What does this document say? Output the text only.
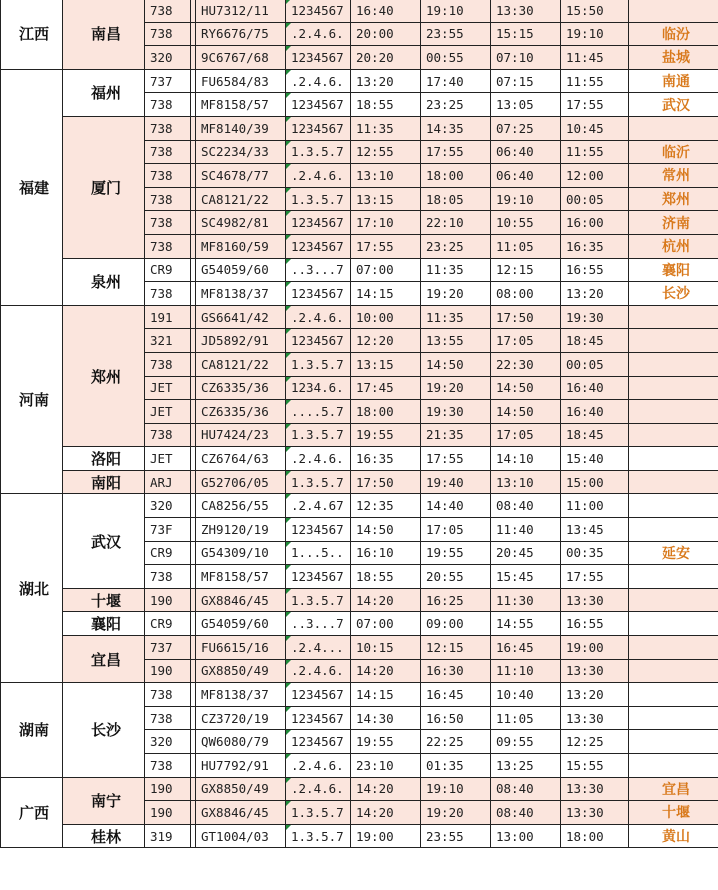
江西	南昌	738		HU7312/11	1234567	16:40	19:10	13:30	15:50	
		738		RY6676/75	.2.4.6.	20:00	23:55	15:15	19:10	临汾
		320		9C6767/68	1234567	20:20	00:55	07:10	11:45	盐城
福建	福州	737		FU6584/83	.2.4.6.	13:20	17:40	07:15	11:55	南通
		738		MF8158/57	1234567	18:55	23:25	13:05	17:55	武汉
	厦门	738		MF8140/39	1234567	11:35	14:35	07:25	10:45	
		738		SC2234/33	1.3.5.7	12:55	17:55	06:40	11:55	临沂
		738		SC4678/77	.2.4.6.	13:10	18:00	06:40	12:00	常州
		738		CA8121/22	1.3.5.7	13:15	18:05	19:10	00:05	郑州
		738		SC4982/81	1234567	17:10	22:10	10:55	16:00	济南
		738		MF8160/59	1234567	17:55	23:25	11:05	16:35	杭州
	泉州	CR9		G54059/60	..3...7	07:00	11:35	12:15	16:55	襄阳
		738		MF8138/37	1234567	14:15	19:20	08:00	13:20	长沙
河南	郑州	191		GS6641/42	.2.4.6.	10:00	11:35	17:50	19:30	
		321		JD5892/91	1234567	12:20	13:55	17:05	18:45	
		738		CA8121/22	1.3.5.7	13:15	14:50	22:30	00:05	
		JET		CZ6335/36	1234.6.	17:45	19:20	14:50	16:40	
		JET		CZ6335/36	....5.7	18:00	19:30	14:50	16:40	
		738		HU7424/23	1.3.5.7	19:55	21:35	17:05	18:45	
	洛阳	JET		CZ6764/63	.2.4.6.	16:35	17:55	14:10	15:40	
	南阳	ARJ		G52706/05	1.3.5.7	17:50	19:40	13:10	15:00	
湖北	武汉	320		CA8256/55	.2.4.67	12:35	14:40	08:40	11:00	
		73F		ZH9120/19	1234567	14:50	17:05	11:40	13:45	
		CR9		G54309/10	1...5..	16:10	19:55	20:45	00:35	延安
		738		MF8158/57	1234567	18:55	20:55	15:45	17:55	
	十堰	190		GX8846/45	1.3.5.7	14:20	16:25	11:30	13:30	
	襄阳	CR9		G54059/60	..3...7	07:00	09:00	14:55	16:55	
	宜昌	737		FU6615/16	.2.4...	10:15	12:15	16:45	19:00	
		190		GX8850/49	.2.4.6.	14:20	16:30	11:10	13:30	
湖南	长沙	738		MF8138/37	1234567	14:15	16:45	10:40	13:20	
		738		CZ3720/19	1234567	14:30	16:50	11:05	13:30	
		320		QW6080/79	1234567	19:55	22:25	09:55	12:25	
		738		HU7792/91	.2.4.6.	23:10	01:35	13:25	15:55	
广西	南宁	190		GX8850/49	.2.4.6.	14:20	19:10	08:40	13:30	宜昌
		190		GX8846/45	1.3.5.7	14:20	19:20	08:40	13:30	十堰
	桂林	319		GT1004/03	1.3.5.7	19:00	23:55	13:00	18:00	黄山
